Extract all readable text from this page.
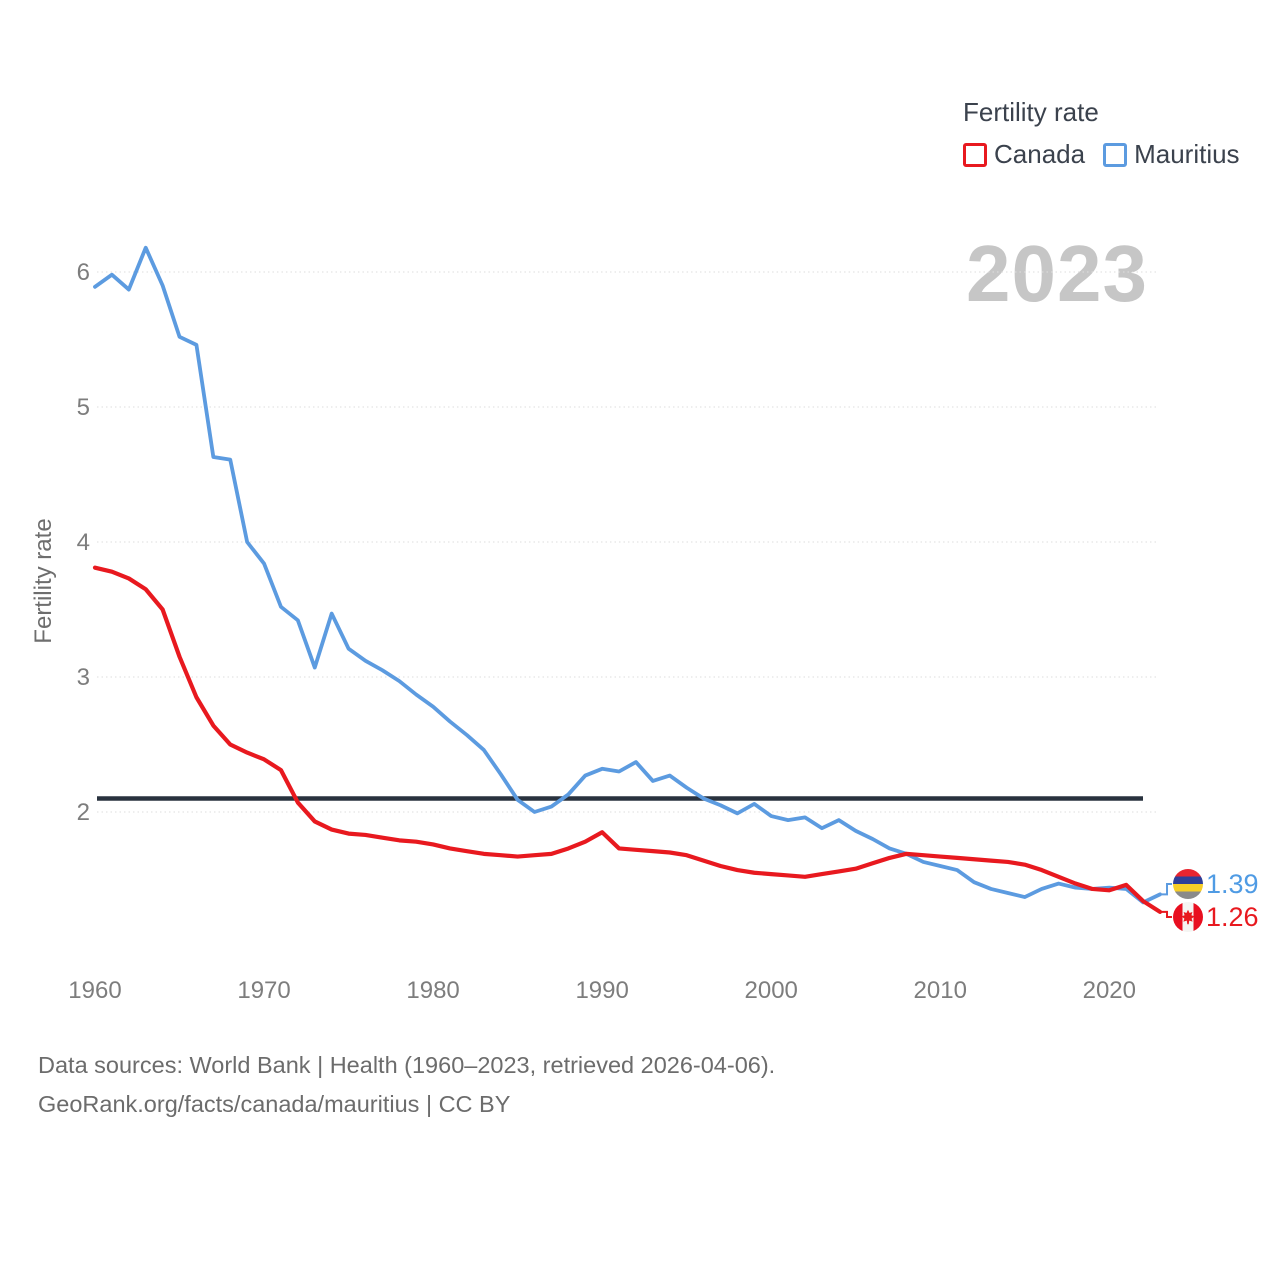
Fertility rate
Canada Mauritius
2023
2
3
4
5
6
1960	1970	1980	1990	2000	2010	2020
Fertility rate
1.39
1.26
Data sources: World Bank | Health (1960–2023, retrieved 2026-04-06).
GeoRank.org/facts/canada/mauritius | CC BY
